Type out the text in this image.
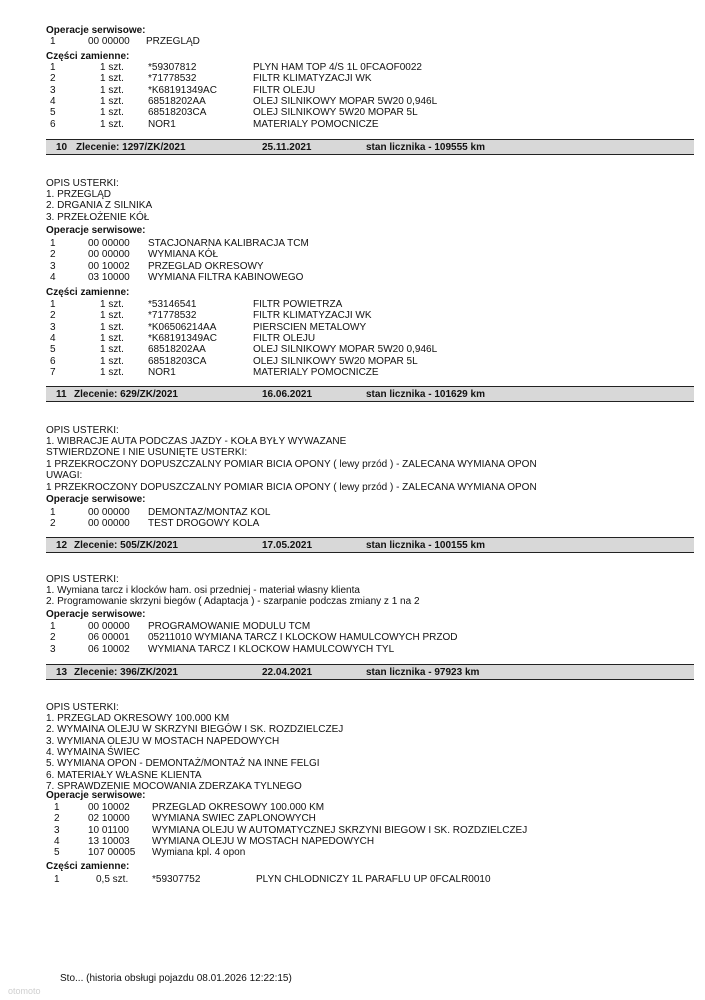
Operacje serwisowe:
1	00 00000 PRZEGLĄD
Części zamienne:
1	1 szt. *59307812	PLYN HAM TOP 4/S 1L 0FCAOF0022
2	1 szt. *71778532	FILTR KLIMATYZACJI WK
3	1 szt. *K68191349AC	FILTR OLEJU
4	1 szt. 68518202AA	OLEJ SILNIKOWY MOPAR 5W20 0,946L
5	1 szt. 68518203CA	OLEJ SILNIKOWY 5W20 MOPAR 5L
6	1 szt. NOR1	MATERIALY POMOCNICZE
10 Zlecenie: 1297/ZK/2021	25.11.2021	stan licznika - 109555 km
OPIS USTERKI:
1. PRZEGLĄD
2. DRGANIA Z SILNIKA
3. PRZEŁOŻENIE KÓŁ
Operacje serwisowe:
1	00 00000 STACJONARNA KALIBRACJA TCM
2	00 00000 WYMIANA KÓŁ
3	00 10002 PRZEGLAD OKRESOWY
4	03 10000 WYMIANA FILTRA KABINOWEGO
Części zamienne:
1	1 szt. *53146541	FILTR POWIETRZA
2	1 szt. *71778532	FILTR KLIMATYZACJI WK
3	1 szt. *K06506214AA	PIERSCIEN METALOWY
4	1 szt. *K68191349AC	FILTR OLEJU
5	1 szt. 68518202AA	OLEJ SILNIKOWY MOPAR 5W20 0,946L
6	1 szt. 68518203CA	OLEJ SILNIKOWY 5W20 MOPAR 5L
7	1 szt. NOR1	MATERIALY POMOCNICZE
11 Zlecenie: 629/ZK/2021	16.06.2021	stan licznika - 101629 km
OPIS USTERKI:
1. WIBRACJE AUTA PODCZAS JAZDY - KOŁA BYŁY WYWAZANE
STWIERDZONE I NIE USUNIĘTE USTERKI:
1 PRZEKROCZONY DOPUSZCZALNY POMIAR BICIA OPONY ( lewy przód ) - ZALECANA WYMIANA OPON
UWAGI:
1 PRZEKROCZONY DOPUSZCZALNY POMIAR BICIA OPONY ( lewy przód ) - ZALECANA WYMIANA OPON
Operacje serwisowe:
1	00 00000 DEMONTAZ/MONTAZ KOL
2	00 00000 TEST DROGOWY KOLA
12 Zlecenie: 505/ZK/2021	17.05.2021	stan licznika - 100155 km
OPIS USTERKI:
1. Wymiana tarcz i klocków ham. osi przedniej - materiał własny klienta
2. Programowanie skrzyni biegów ( Adaptacja ) - szarpanie podczas zmiany z 1 na 2
Operacje serwisowe:
1	00 00000 PROGRAMOWANIE MODULU TCM
2	06 00001 05211010 WYMIANA TARCZ I KLOCKOW HAMULCOWYCH PRZOD
3	06 10002 WYMIANA TARCZ I KLOCKOW HAMULCOWYCH TYL
13 Zlecenie: 396/ZK/2021	22.04.2021	stan licznika - 97923 km
OPIS USTERKI:
1. PRZEGLAD OKRESOWY 100.000 KM
2. WYMAINA OLEJU W SKRZYNI BIEGÓW I SK. ROZDZIELCZEJ
3. WYMIANA OLEJU W MOSTACH NAPEDOWYCH
4. WYMAINA ŚWIEC
5. WYMIANA OPON - DEMONTAŻ/MONTAŻ NA INNE FELGI
6. MATERIAŁY WŁASNE KLIENTA
7. SPRAWDZENIE MOCOWANIA ZDERZAKA TYLNEGO
Operacje serwisowe:
1	00 10002 PRZEGLAD OKRESOWY 100.000 KM
2	02 10000 WYMIANA SWIEC ZAPLONOWYCH
3	10 01100 WYMIANA OLEJU W AUTOMATYCZNEJ SKRZYNI BIEGOW I SK. ROZDZIELCZEJ
4	13 10003 WYMIANA OLEJU W MOSTACH NAPEDOWYCH
5	107 00005 Wymiana kpl. 4 opon
Części zamienne:
1	0,5 szt. *59307752	PLYN CHLODNICZY 1L PARAFLU UP 0FCALR0010
Sto... (historia obsługi pojazdu 08.01.2026 12:22:15)
otomoto
